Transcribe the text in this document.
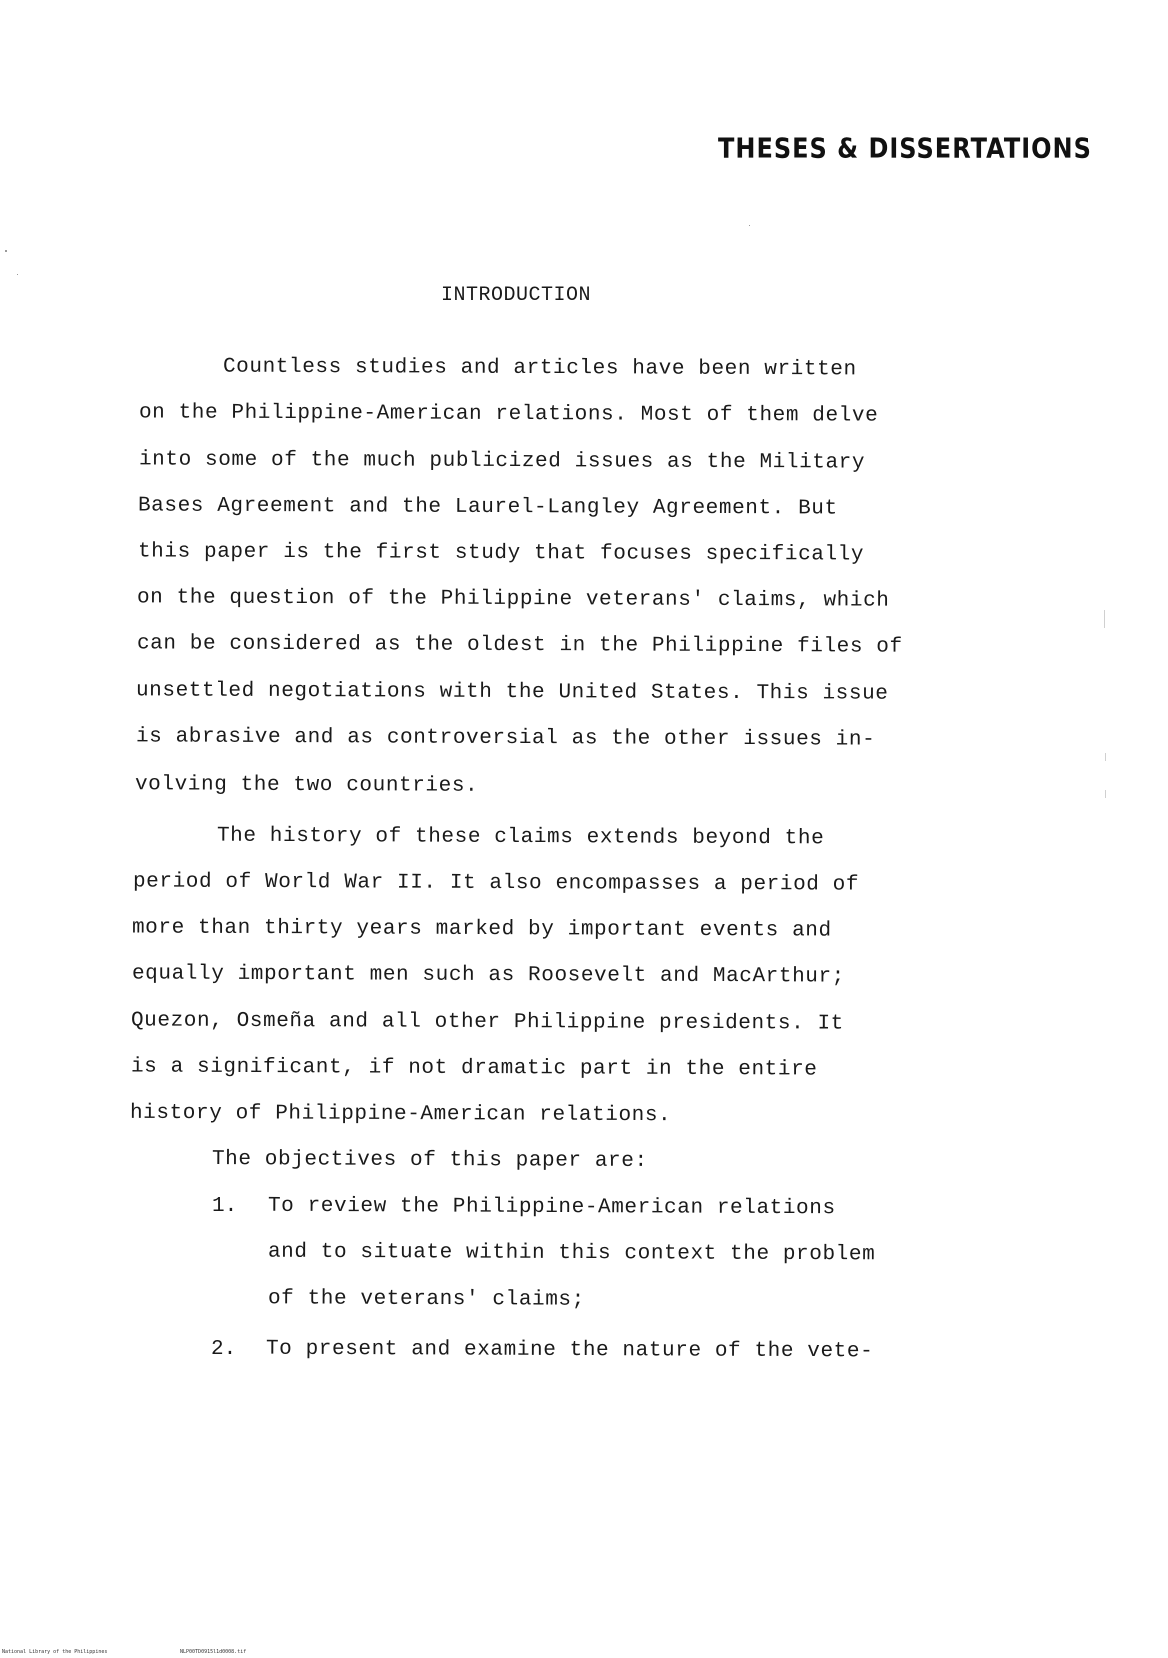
THESES & DISSERTATIONS
INTRODUCTION
Countless studies and articles have been written
on the Philippine-American relations. Most of them delve
into some of the much publicized issues as the Military
Bases Agreement and the Laurel-Langley Agreement. But
this paper is the first study that focuses specifically
on the question of the Philippine veterans' claims, which
can be considered as the oldest in the Philippine files of
unsettled negotiations with the United States. This issue
is abrasive and as controversial as the other issues in-
volving the two countries.
The history of these claims extends beyond the
period of World War II. It also encompasses a period of
more than thirty years marked by important events and
equally important men such as Roosevelt and MacArthur;
Quezon, Osmeña and all other Philippine presidents. It
is a significant, if not dramatic part in the entire
history of Philippine-American relations.
The objectives of this paper are:
1. To review the Philippine-American relations
and to situate within this context the problem
of the veterans' claims;
2. To present and examine the nature of the vete-
National Library of the Philippines	NLP00TD0915l1d0008.tif
